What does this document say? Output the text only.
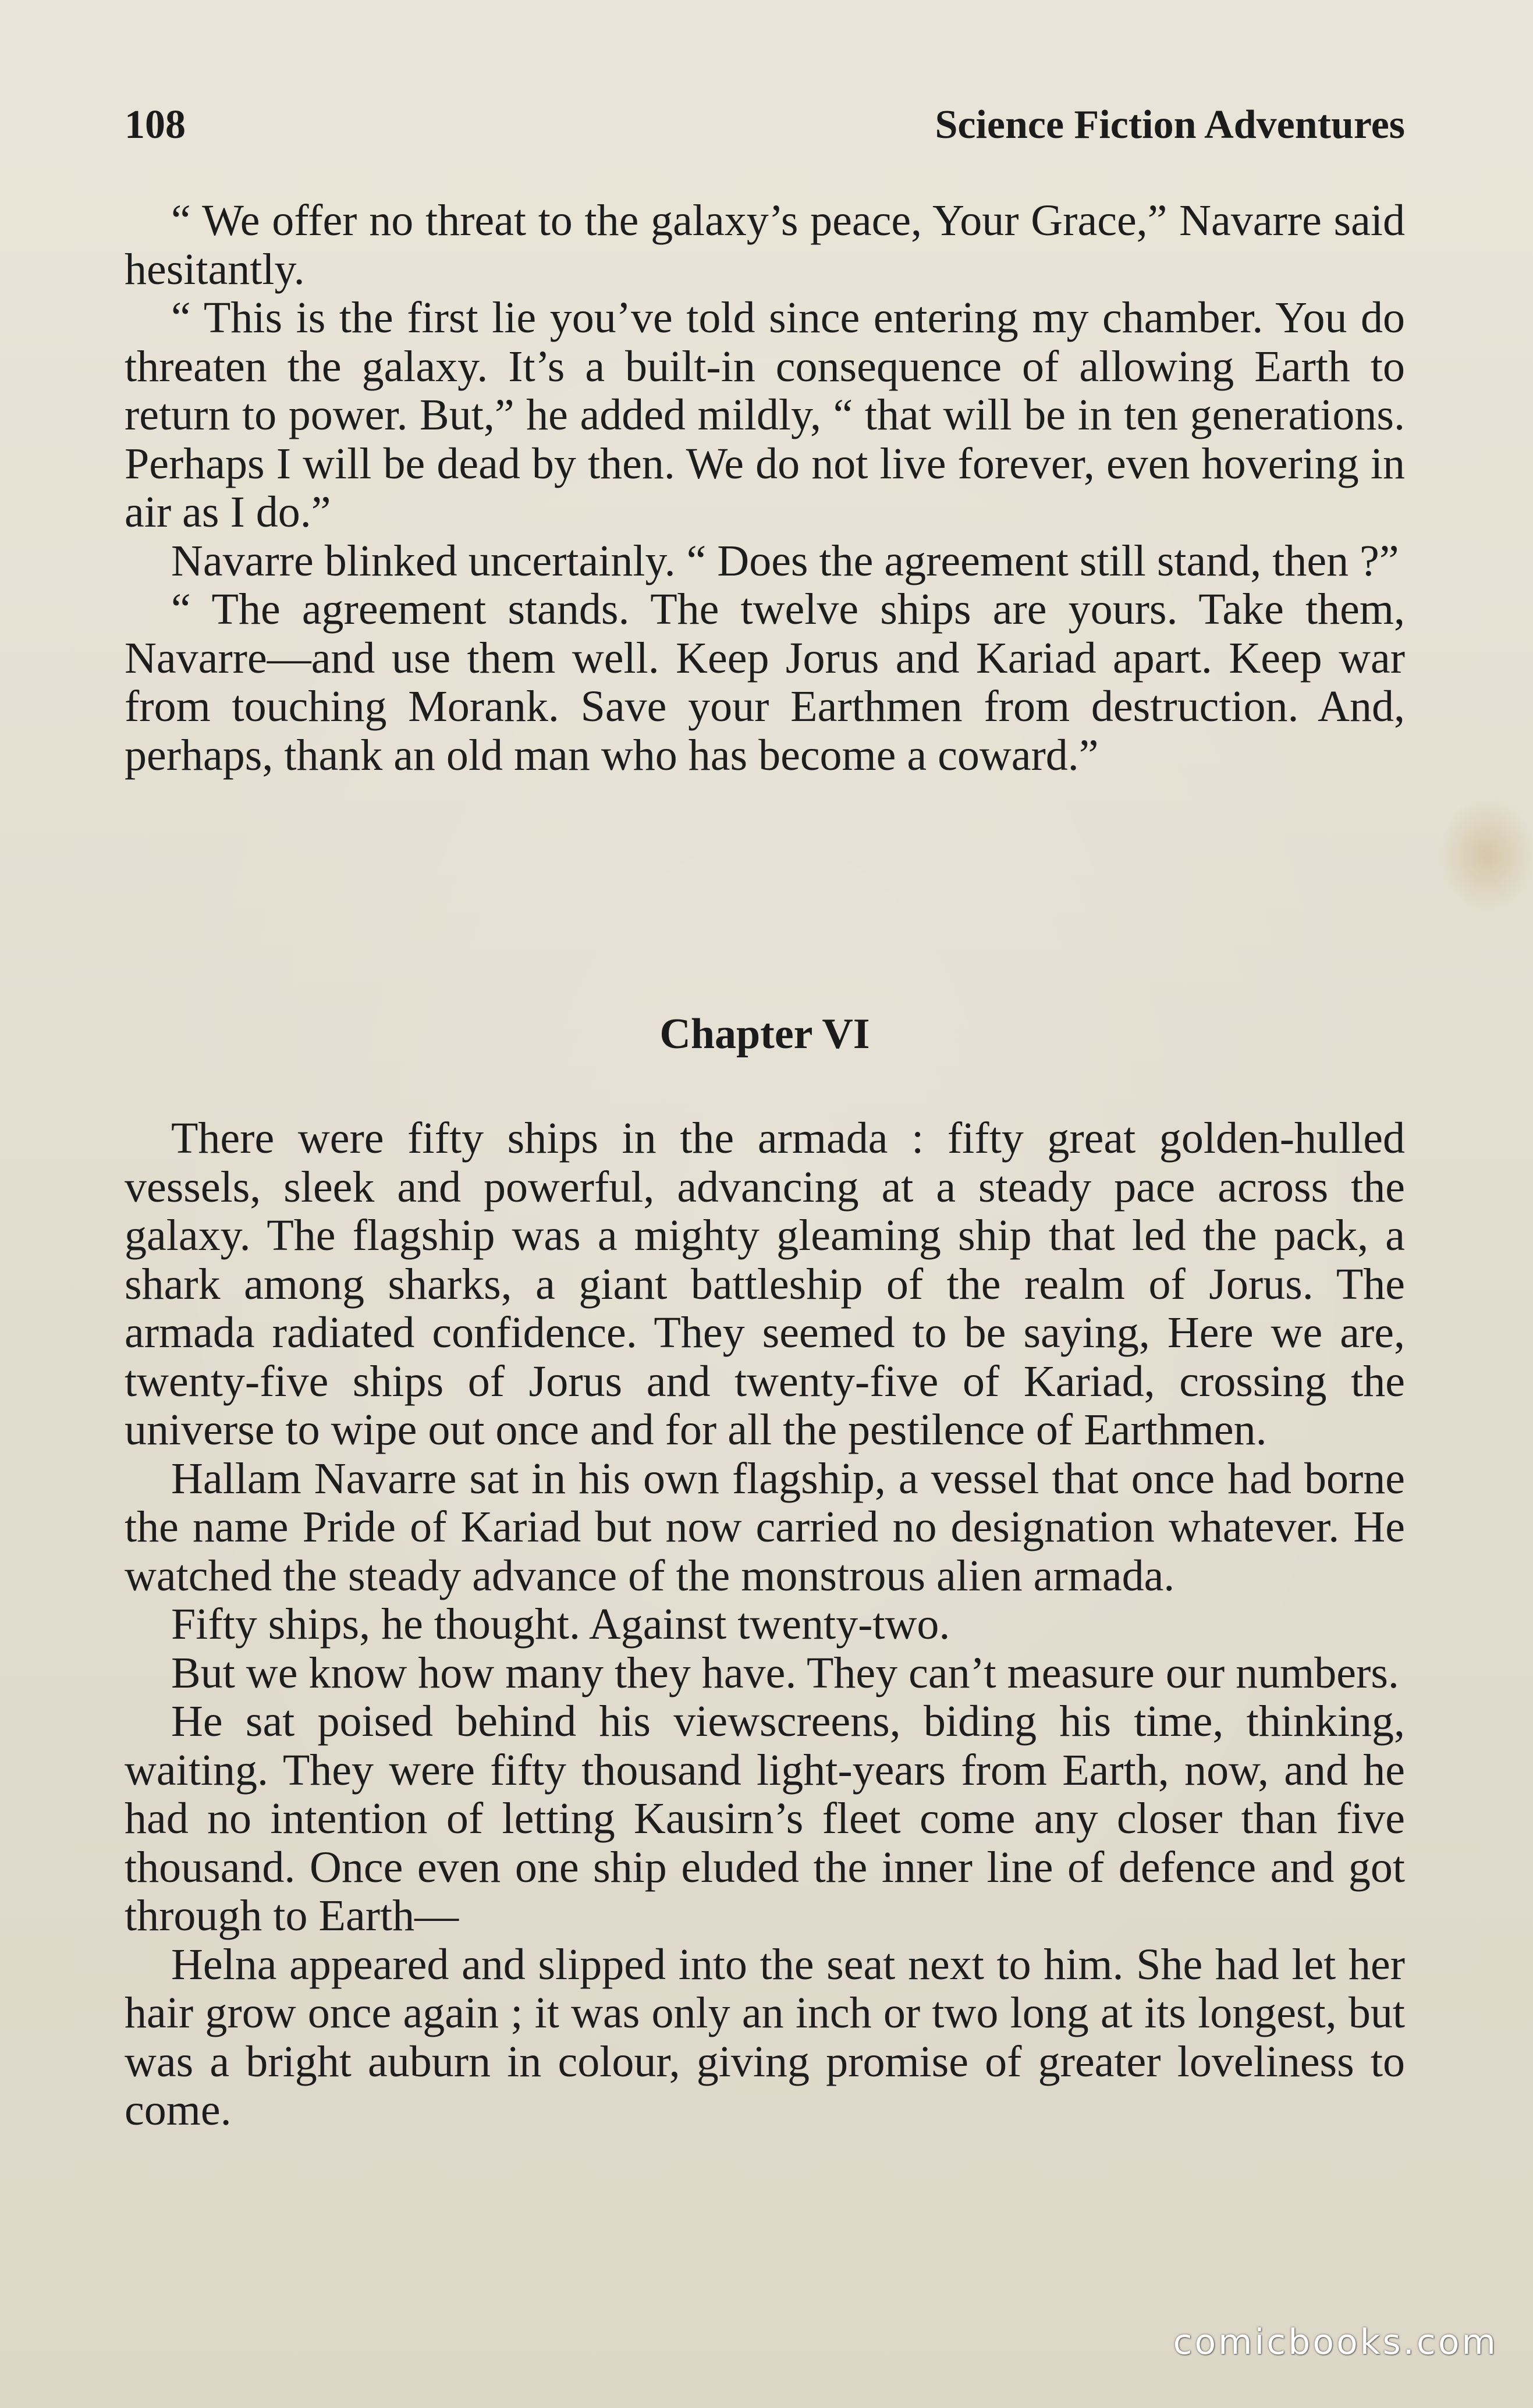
108	Science Fiction Adventures

“ We offer no threat to the galaxy’s peace, Your Grace,” Navarre said hesitantly.

“ This is the first lie you’ve told since entering my chamber. You do threaten the galaxy. It’s a built-in consequence of allowing Earth to return to power. But,” he added mildly, “ that will be in ten generations. Perhaps I will be dead by then. We do not live forever, even hovering in air as I do.”

Navarre blinked uncertainly. “ Does the agreement still stand, then ?”

“ The agreement stands. The twelve ships are yours. Take them, Navarre—and use them well. Keep Jorus and Kariad apart. Keep war from touching Morank. Save your Earthmen from destruction. And, perhaps, thank an old man who has become a coward.”

Chapter VI

There were fifty ships in the armada : fifty great golden-hulled vessels, sleek and powerful, advancing at a steady pace across the galaxy. The flagship was a mighty gleaming ship that led the pack, a shark among sharks, a giant battleship of the realm of Jorus. The armada radiated confidence. They seemed to be saying, Here we are, twenty-five ships of Jorus and twenty-five of Kariad, crossing the universe to wipe out once and for all the pestilence of Earthmen.

Hallam Navarre sat in his own flagship, a vessel that once had borne the name Pride of Kariad but now carried no designation whatever. He watched the steady advance of the monstrous alien armada.

Fifty ships, he thought. Against twenty-two.

But we know how many they have. They can’t measure our numbers.

He sat poised behind his viewscreens, biding his time, thinking, waiting. They were fifty thousand light-years from Earth, now, and he had no intention of letting Kausirn’s fleet come any closer than five thousand. Once even one ship eluded the inner line of defence and got through to Earth—

Helna appeared and slipped into the seat next to him. She had let her hair grow once again ; it was only an inch or two long at its longest, but was a bright auburn in colour, giving promise of greater loveliness to come.

comicbooks.com
